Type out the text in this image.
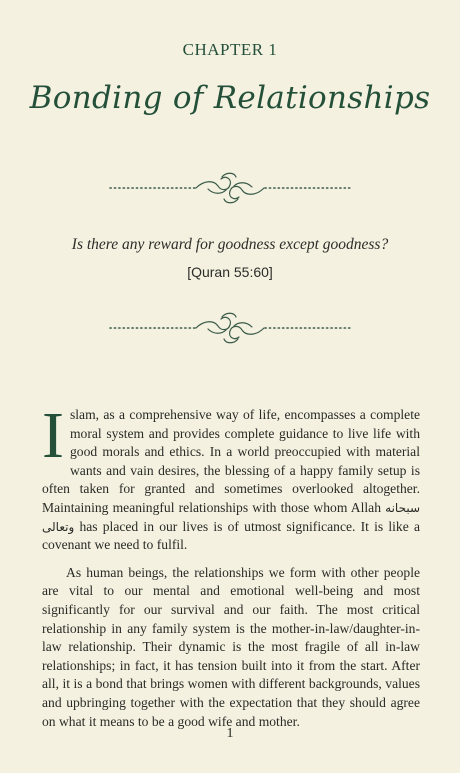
CHAPTER 1
Bonding of Relationships
Is there any reward for goodness except goodness?
[Quran 55:60]

Islam, as a comprehensive way of life, encompasses a complete moral system and provides complete guidance to live life with good morals and ethics. In a world preoccupied with material wants and vain desires, the blessing of a happy family setup is often taken for granted and sometimes overlooked altogether. Maintaining meaningful relationships with those whom Allah سبحانه وتعالى has placed in our lives is of utmost significance. It is like a covenant we need to fulfil.

As human beings, the relationships we form with other people are vital to our mental and emotional well-being and most significantly for our survival and our faith. The most critical relationship in any family system is the mother-in-law/daughter-in-law relationship. Their dynamic is the most fragile of all in-law relationships; in fact, it has tension built into it from the start. After all, it is a bond that brings women with different backgrounds, values and upbringing together with the expectation that they should agree on what it means to be a good wife and mother.

1
